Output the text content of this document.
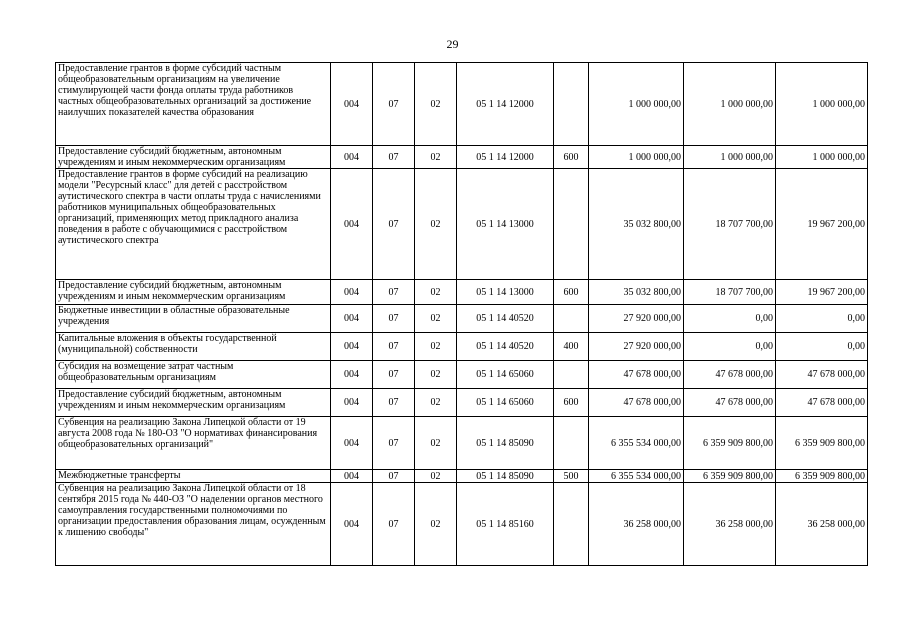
29
Предоставление грантов в форме субсидий частным общеобразовательным организациям на увеличение стимулирующей части фонда оплаты труда работников частных общеобразовательных организаций за достижение наилучших показателей качества образования	004	07	02	05 1 14 12000		1 000 000,00	1 000 000,00	1 000 000,00
Предоставление субсидий бюджетным, автономным учреждениям и иным некоммерческим организациям	004	07	02	05 1 14 12000	600	1 000 000,00	1 000 000,00	1 000 000,00
Предоставление грантов в форме субсидий на реализацию модели "Ресурсный класс" для детей с расстройством аутистического спектра в части оплаты труда с начислениями работников муниципальных общеобразовательных организаций, применяющих метод прикладного анализа поведения в работе с обучающимися с расстройством аутистического спектра	004	07	02	05 1 14 13000		35 032 800,00	18 707 700,00	19 967 200,00
Предоставление субсидий бюджетным, автономным учреждениям и иным некоммерческим организациям	004	07	02	05 1 14 13000	600	35 032 800,00	18 707 700,00	19 967 200,00
Бюджетные инвестиции в областные образовательные учреждения	004	07	02	05 1 14 40520		27 920 000,00	0,00	0,00
Капитальные вложения в объекты государственной (муниципальной) собственности	004	07	02	05 1 14 40520	400	27 920 000,00	0,00	0,00
Субсидия на возмещение затрат частным общеобразовательным организациям	004	07	02	05 1 14 65060		47 678 000,00	47 678 000,00	47 678 000,00
Предоставление субсидий бюджетным, автономным учреждениям и иным некоммерческим организациям	004	07	02	05 1 14 65060	600	47 678 000,00	47 678 000,00	47 678 000,00
Субвенция на реализацию Закона Липецкой области от 19 августа 2008 года № 180-ОЗ "О нормативах финансирования общеобразовательных организаций"	004	07	02	05 1 14 85090		6 355 534 000,00	6 359 909 800,00	6 359 909 800,00
Межбюджетные трансферты	004	07	02	05 1 14 85090	500	6 355 534 000,00	6 359 909 800,00	6 359 909 800,00
Субвенция на реализацию Закона Липецкой области от 18 сентября 2015 года № 440-ОЗ "О наделении органов местного самоуправления государственными полномочиями по организации предоставления образования лицам, осужденным к лишению свободы"	004	07	02	05 1 14 85160		36 258 000,00	36 258 000,00	36 258 000,00
